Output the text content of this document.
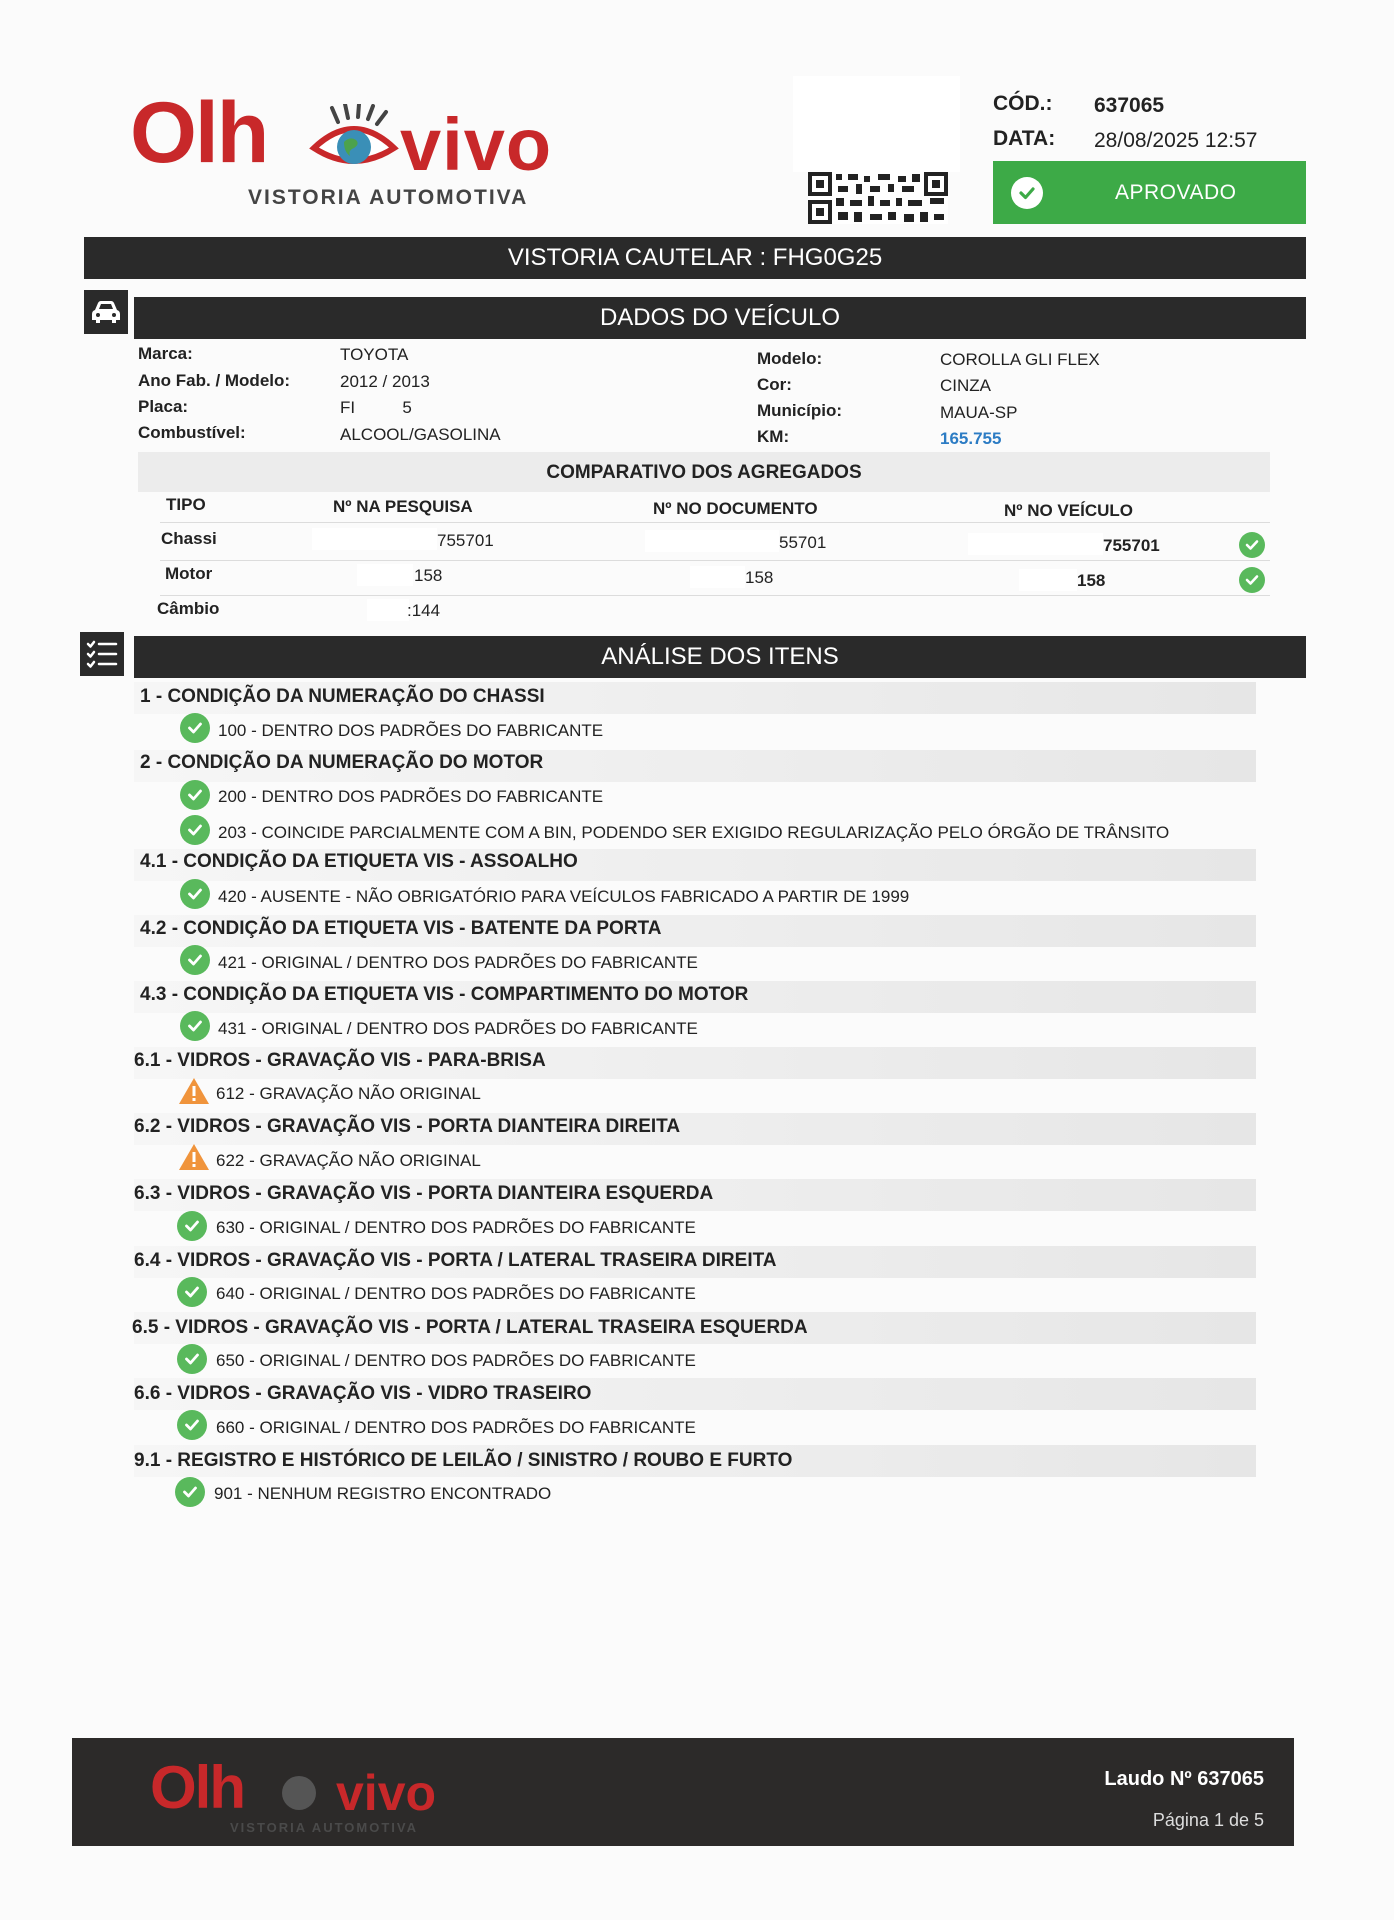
Olh vivo
VISTORIA AUTOMOTIVA
CÓD.: 637065
DATA: 28/08/2025 12:57
APROVADO
VISTORIA CAUTELAR : FHG0G25
DADOS DO VEÍCULO
Marca:	TOYOTA
Ano Fab. / Modelo:	2012 / 2013
Placa:	FI          5
Combustível:	ALCOOL/GASOLINA
Modelo:	COROLLA GLI FLEX
Cor:	CINZA
Município:	MAUA-SP
KM:	165.755
COMPARATIVO DOS AGREGADOS
TIPO	Nº NA PESQUISA	Nº NO DOCUMENTO	Nº NO VEÍCULO
Chassi	755701	55701	755701
Motor	158	158	158
Câmbio	:144
ANÁLISE DOS ITENS
1 - CONDIÇÃO DA NUMERAÇÃO DO CHASSI
100 - DENTRO DOS PADRÕES DO FABRICANTE
2 - CONDIÇÃO DA NUMERAÇÃO DO MOTOR
200 - DENTRO DOS PADRÕES DO FABRICANTE
203 - COINCIDE PARCIALMENTE COM A BIN, PODENDO SER EXIGIDO REGULARIZAÇÃO PELO ÓRGÃO DE TRÂNSITO
4.1 - CONDIÇÃO DA ETIQUETA VIS - ASSOALHO
420 - AUSENTE - NÃO OBRIGATÓRIO PARA VEÍCULOS FABRICADO A PARTIR DE 1999
4.2 - CONDIÇÃO DA ETIQUETA VIS - BATENTE DA PORTA
421 - ORIGINAL / DENTRO DOS PADRÕES DO FABRICANTE
4.3 - CONDIÇÃO DA ETIQUETA VIS - COMPARTIMENTO DO MOTOR
431 - ORIGINAL / DENTRO DOS PADRÕES DO FABRICANTE
6.1 - VIDROS - GRAVAÇÃO VIS - PARA-BRISA
612 - GRAVAÇÃO NÃO ORIGINAL
6.2 - VIDROS - GRAVAÇÃO VIS - PORTA DIANTEIRA DIREITA
622 - GRAVAÇÃO NÃO ORIGINAL
6.3 - VIDROS - GRAVAÇÃO VIS - PORTA DIANTEIRA ESQUERDA
630 - ORIGINAL / DENTRO DOS PADRÕES DO FABRICANTE
6.4 - VIDROS - GRAVAÇÃO VIS - PORTA / LATERAL TRASEIRA DIREITA
640 - ORIGINAL / DENTRO DOS PADRÕES DO FABRICANTE
6.5 - VIDROS - GRAVAÇÃO VIS - PORTA / LATERAL TRASEIRA ESQUERDA
650 - ORIGINAL / DENTRO DOS PADRÕES DO FABRICANTE
6.6 - VIDROS - GRAVAÇÃO VIS - VIDRO TRASEIRO
660 - ORIGINAL / DENTRO DOS PADRÕES DO FABRICANTE
9.1 - REGISTRO E HISTÓRICO DE LEILÃO / SINISTRO / ROUBO E FURTO
901 - NENHUM REGISTRO ENCONTRADO
Olh vivo
VISTORIA AUTOMOTIVA
Laudo Nº 637065
Página 1 de 5
